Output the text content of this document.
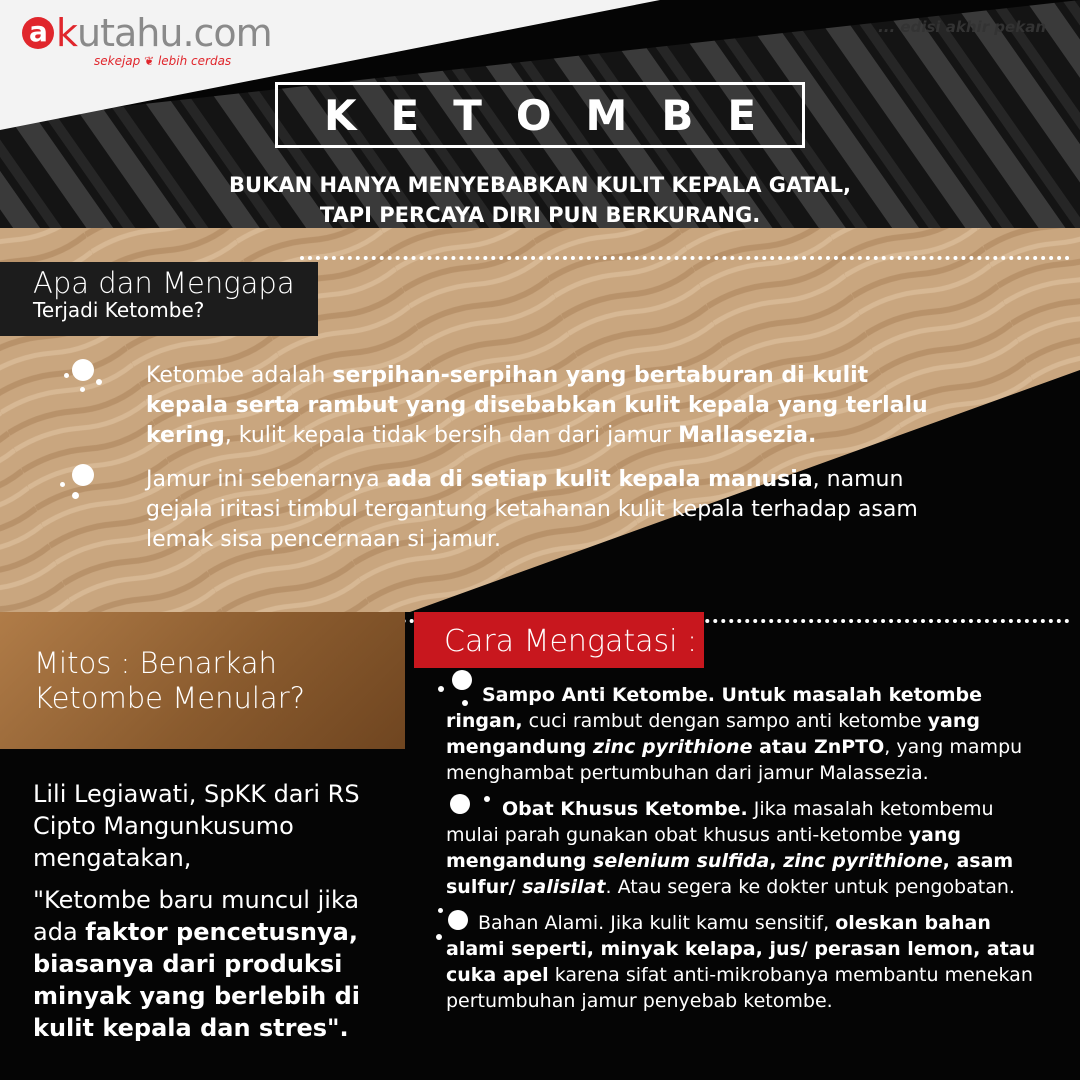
a k utahu.com
sekejap ❦ lebih cerdas
... edisi akhir pekan
KETOMBE
BUKAN HANYA MENYEBABKAN KULIT KEPALA GATAL,
TAPI PERCAYA DIRI PUN BERKURANG.
Apa dan Mengapa
Terjadi Ketombe?
Ketombe adalah serpihan-serpihan yang bertaburan di kulit kepala serta rambut yang disebabkan kulit kepala yang terlalu kering, kulit kepala tidak bersih dan dari jamur Mallasezia.
Jamur ini sebenarnya ada di setiap kulit kepala manusia, namun gejala iritasi timbul tergantung ketahanan kulit kepala terhadap asam lemak sisa pencernaan si jamur.
Mitos : Benarkah
Ketombe Menular?

Lili Legiawati, SpKK dari RS Cipto Mangunkusumo mengatakan,

"Ketombe baru muncul jika ada faktor pencetusnya, biasanya dari produksi minyak yang berlebih di kulit kepala dan stres".

Cara Mengatasi :
Sampo Anti Ketombe. Untuk masalah ketombe ringan, cuci rambut dengan sampo anti ketombe yang mengandung zinc pyrithione atau ZnPTO, yang mampu menghambat pertumbuhan dari jamur Malassezia.
Obat Khusus Ketombe. Jika masalah ketombemu mulai parah gunakan obat khusus anti-ketombe yang mengandung selenium sulfida, zinc pyrithione, asam sulfur/ salisilat. Atau segera ke dokter untuk pengobatan.
Bahan Alami. Jika kulit kamu sensitif, oleskan bahan alami seperti, minyak kelapa, jus/ perasan lemon, atau cuka apel karena sifat anti-mikrobanya membantu menekan pertumbuhan jamur penyebab ketombe.
